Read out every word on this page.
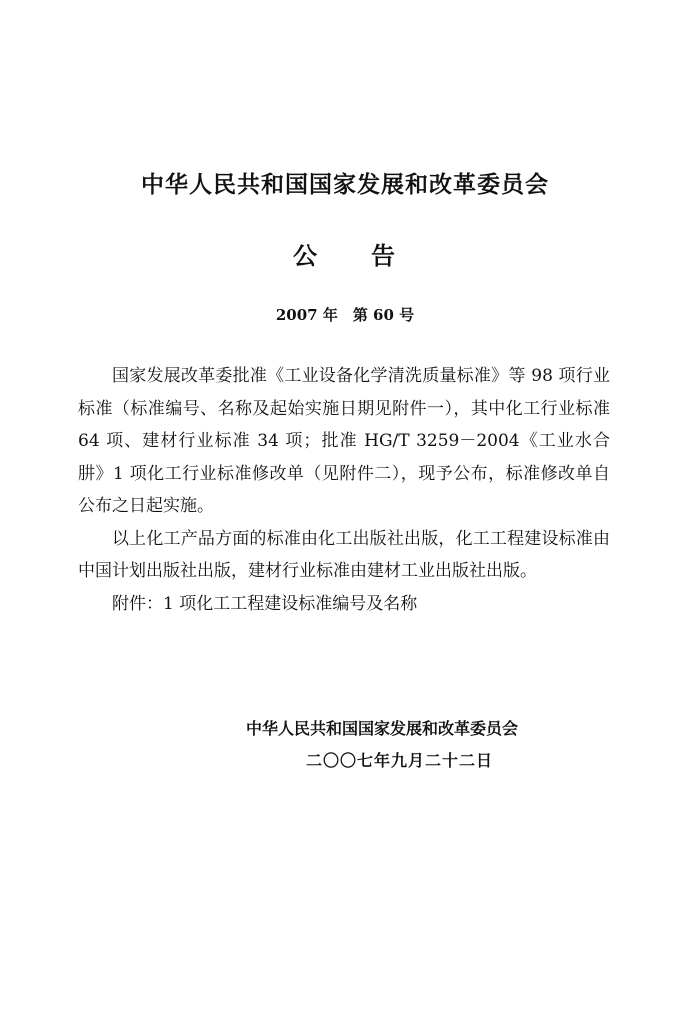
中华人民共和国国家发展和改革委员会
公　　告
2007 年　第 60 号

国家发展改革委批准《工业设备化学清洗质量标准》等 98 项行业标准（标准编号、名称及起始实施日期见附件一），其中化工行业标准 64 项、建材行业标准 34 项；批准 HG/T 3259－2004《工业水合肼》1 项化工行业标准修改单（见附件二），现予公布，标准修改单自公布之日起实施。

以上化工产品方面的标准由化工出版社出版，化工工程建设标准由中国计划出版社出版，建材行业标准由建材工业出版社出版。

附件：1 项化工工程建设标准编号及名称

中华人民共和国国家发展和改革委员会
二〇〇七年九月二十二日
